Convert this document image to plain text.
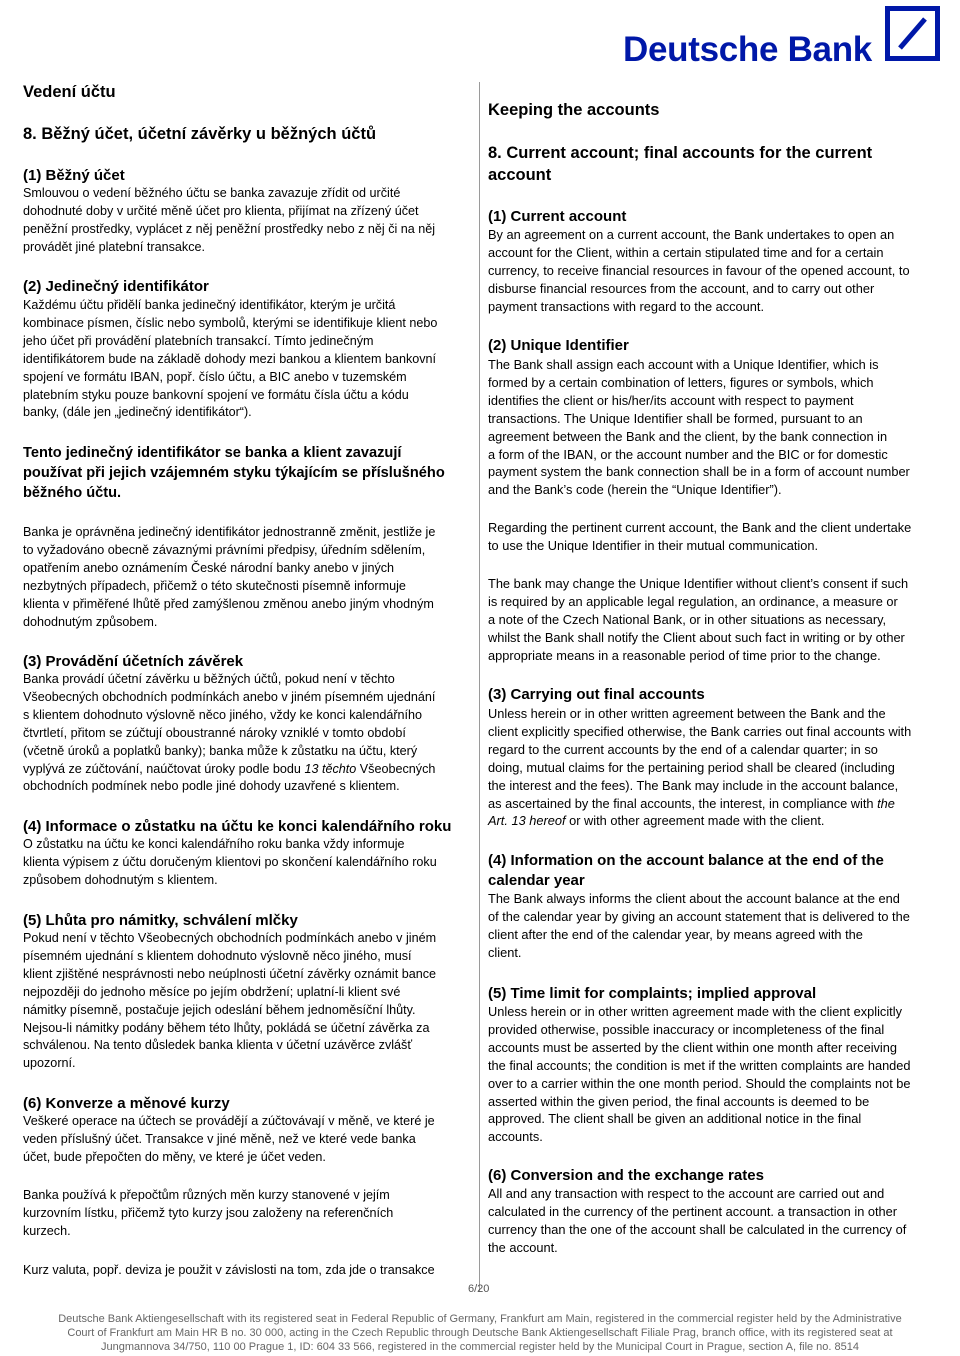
Deutsche Bank
Vedení účtu
8. Běžný účet, účetní závěrky u běžných účtů
(1) Běžný účet
Smlouvou o vedení běžného účtu se banka zavazuje zřídit od určité
dohodnuté doby v určité měně účet pro klienta, přijímat na zřízený účet
peněžní prostředky, vyplácet z něj peněžní prostředky nebo z něj či na něj
provádět jiné platební transakce.
(2) Jedinečný identifikátor
Každému účtu přidělí banka jedinečný identifikátor, kterým je určitá
kombinace písmen, číslic nebo symbolů, kterými se identifikuje klient nebo
jeho účet při provádění platebních transakcí. Tímto jedinečným
identifikátorem bude na základě dohody mezi bankou a klientem bankovní
spojení ve formátu IBAN, popř. číslo účtu, a BIC anebo v tuzemském
platebním styku pouze bankovní spojení ve formátu čísla účtu a kódu
banky, (dále jen „jedinečný identifikátor“).
Tento jedinečný identifikátor se banka a klient zavazují
používat při jejich vzájemném styku týkajícím se příslušného
běžného účtu.
Banka je oprávněna jedinečný identifikátor jednostranně změnit, jestliže je
to vyžadováno obecně závaznými právními předpisy, úředním sdělením,
opatřením anebo oznámením České národní banky anebo v jiných
nezbytných případech, přičemž o této skutečnosti písemně informuje
klienta v přiměřené lhůtě před zamýšlenou změnou anebo jiným vhodným
dohodnutým způsobem.
(3) Provádění účetních závěrek
Banka provádí účetní závěrku u běžných účtů, pokud není v těchto
Všeobecných obchodních podmínkách anebo v jiném písemném ujednání
s klientem dohodnuto výslovně něco jiného, vždy ke konci kalendářního
čtvrtletí, přitom se zúčtují oboustranné nároky vzniklé v tomto období
(včetně úroků a poplatků banky); banka může k zůstatku na účtu, který
vyplývá ze zúčtování, naúčtovat úroky podle bodu 13 těchto Všeobecných
obchodních podmínek nebo podle jiné dohody uzavřené s klientem.
(4) Informace o zůstatku na účtu ke konci kalendářního roku
O zůstatku na účtu ke konci kalendářního roku banka vždy informuje
klienta výpisem z účtu doručeným klientovi po skončení kalendářního roku
způsobem dohodnutým s klientem.
(5) Lhůta pro námitky, schválení mlčky
Pokud není v těchto Všeobecných obchodních podmínkách anebo v jiném
písemném ujednání s klientem dohodnuto výslovně něco jiného, musí
klient zjištěné nesprávnosti nebo neúplnosti účetní závěrky oznámit bance
nejpozději do jednoho měsíce po jejím obdržení; uplatní-li klient své
námitky písemně, postačuje jejich odeslání během jednoměsíční lhůty.
Nejsou-li námitky podány během této lhůty, pokládá se účetní závěrka za
schválenou. Na tento důsledek banka klienta v účetní uzávěrce zvlášť
upozorní.
(6) Konverze a měnové kurzy
Veškeré operace na účtech se provádějí a zúčtovávají v měně, ve které je
veden příslušný účet. Transakce v jiné měně, než ve které vede banka
účet, bude přepočten do měny, ve které je účet veden.
Banka používá k přepočtům různých měn kurzy stanovené v jejím
kurzovním lístku, přičemž tyto kurzy jsou založeny na referenčních
kurzech.
Kurz valuta, popř. deviza je použit v závislosti na tom, zda jde o transakce
Keeping the accounts
8. Current account; final accounts for the current
account
(1) Current account
By an agreement on a current account, the Bank undertakes to open an
account for the Client, within a certain stipulated time and for a certain
currency, to receive financial resources in favour of the opened account, to
disburse financial resources from the account, and to carry out other
payment transactions with regard to the account.
(2) Unique Identifier
The Bank shall assign each account with a Unique Identifier, which is
formed by a certain combination of letters, figures or symbols, which
identifies the client or his/her/its account with respect to payment
transactions. The Unique Identifier shall be formed, pursuant to an
agreement between the Bank and the client, by the bank connection in
a form of the IBAN, or the account number and the BIC or for domestic
payment system the bank connection shall be in a form of account number
and the Bank’s code (herein the “Unique Identifier”).
Regarding the pertinent current account, the Bank and the client undertake
to use the Unique Identifier in their mutual communication.
The bank may change the Unique Identifier without client’s consent if such
is required by an applicable legal regulation, an ordinance, a measure or
a note of the Czech National Bank, or in other situations as necessary,
whilst the Bank shall notify the Client about such fact in writing or by other
appropriate means in a reasonable period of time prior to the change.
(3) Carrying out final accounts
Unless herein or in other written agreement between the Bank and the
client explicitly specified otherwise, the Bank carries out final accounts with
regard to the current accounts by the end of a calendar quarter; in so
doing, mutual claims for the pertaining period shall be cleared (including
the interest and the fees). The Bank may include in the account balance,
as ascertained by the final accounts, the interest, in compliance with the
Art. 13 hereof or with other agreement made with the client.
(4) Information on the account balance at the end of the
calendar year
The Bank always informs the client about the account balance at the end
of the calendar year by giving an account statement that is delivered to the
client after the end of the calendar year, by means agreed with the
client.
(5) Time limit for complaints; implied approval
Unless herein or in other written agreement made with the client explicitly
provided otherwise, possible inaccuracy or incompleteness of the final
accounts must be asserted by the client within one month after receiving
the final accounts; the condition is met if the written complaints are handed
over to a carrier within the one month period. Should the complaints not be
asserted within the given period, the final accounts is deemed to be
approved. The client shall be given an additional notice in the final
accounts.
(6) Conversion and the exchange rates
All and any transaction with respect to the account are carried out and
calculated in the currency of the pertinent account. a transaction in other
currency than the one of the account shall be calculated in the currency of
the account.
6/20
Deutsche Bank Aktiengesellschaft with its registered seat in Federal Republic of Germany, Frankfurt am Main, registered in the commercial register held by the Administrative
Court of Frankfurt am Main HR B no. 30 000, acting in the Czech Republic through Deutsche Bank Aktiengesellschaft Filiale Prag, branch office, with its registered seat at
Jungmannova 34/750, 110 00 Prague 1, ID: 604 33 566, registered in the commercial register held by the Municipal Court in Prague, section A, file no. 8514
